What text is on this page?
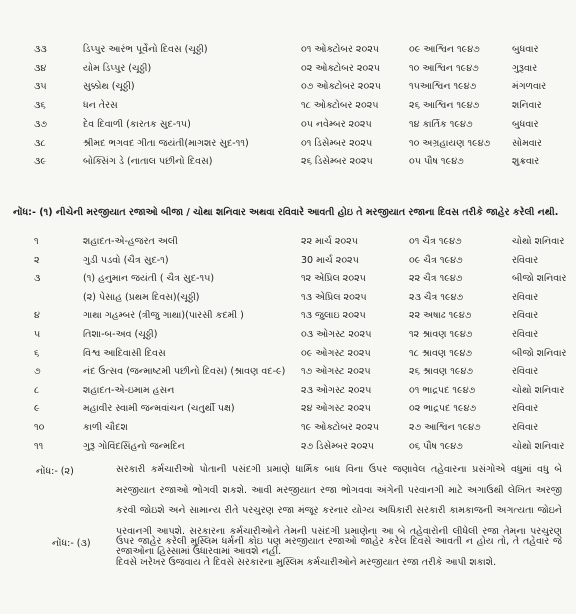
૩૩	ડિપ્પુર આરંભ પૂર્વેનો દિવસ (ચૂઠ્ઠી)	૦૧ ઓક્ટોબર ૨૦૨૫	૦૯ આશ્વિન ૧૯૪૭	બુધવાર
૩૪	યોમ ડિપ્પુર (ચૂઠ્ઠી)	૦૨ ઓક્ટોબર ૨૦૨૫	૧૦ આશ્વિન ૧૯૪૭	ગુરૂવાર
૩૫	સુક્કોથ (ચૂઠ્ઠી)	૦૭ ઓક્ટોબર ૨૦૨૫	૧૫આશ્વિન ૧૯૪૭	મંગળવાર
૩૬	ધન તેરસ	૧૮ ઓક્ટોબર ૨૦૨૫	૨૬ આશ્વિન ૧૯૪૭	શનિવાર
૩૭	દેવ દિવાળી (કારતક સુદ-૧૫)	૦૫ નવેમ્બર ૨૦૨૫	૧૪ કાર્તિક ૧૯૪૭	બુધવાર
૩૮	શ્રીમદ ભગવદ ગીતા જયંતી(માગશર સુદ-૧૧)	૦૧ ડિસેમ્બર ૨૦૨૫	૧૦ અગ્રહાયણ ૧૯૪૭	સોમવાર
૩૯	બોક્સિંગ ડે (નાતાલ પછીનો દિવસ)	૨૬ ડિસેમ્બર ૨૦૨૫	૦૫ પૌષ ૧૯૪૭	શુક્રવાર
નોંધ:- (૧) નીચેની મરજીયાત રજાઓ બીજા / ચોથા શનિવાર અથવા રવિવારે આવતી હોઇ તે મરજીયાત રજાના દિવસ તરીકે જાહેર કરેલી નથી.
૧	શહાદત-એ-હજરત અલી	૨૨ માર્ચ ૨૦૨૫	૦૧ ચૈત્ર ૧૯૪૭	ચોથો શનિવાર
૨	ગુડી પડવો (ચૈત્ર સુદ-૧)	30 માર્ચ ૨૦૨૫	૦૯ ચૈત્ર ૧૯૪૭	રવિવાર
૩	(૧) હનુમાન જયંતી ( ચૈત્ર સુદ-૧૫)	૧૨ એપ્રિલ ૨૦૨૫	૨૨ ચૈત્ર ૧૯૪૭	બીજો શનિવાર
(૨) પેસાહ (પ્રથમ દિવસ)(ચૂઠ્ઠી)	૧૩ એપ્રિલ ૨૦૨૫	૨૩ ચૈત્ર ૧૯૪૭	રવિવાર
૪	ગાથા ગહમ્બર (ત્રીજુ ગાથા)(પારસી કદમી )	૧૩ જુલાઇ ૨૦૨૫	૨૨ અષાઢ ૧૯૪૭	રવિવાર
૫	તિશા-બ-અવ (ચૂઠ્ઠી)	૦૩ ઓગસ્ટ ૨૦૨૫	૧૨ શ્રાવણ ૧૯૪૭	રવિવાર
૬	વિશ્વ આદિવાસી દિવસ	૦૯ ઓગસ્ટ ૨૦૨૫	૧૮ શ્રાવણ ૧૯૪૭	બીજો શનિવાર
૭	નંદ ઉત્સવ (જન્માષ્ટમી પછીનો દિવસ) (શ્રાવણ વદ-૯)	૧૭ ઓગસ્ટ ૨૦૨૫	૨૬ શ્રાવણ ૧૯૪૭	રવિવાર
૮	શહાદત-એ-ઇમામ હસન	૨૩ ઓગસ્ટ ૨૦૨૫	૦૧ ભાદ્રપદ ૧૯૪૭	ચોથો શનિવાર
૯	મહાવીર સ્વામી જન્મવાંચન (ચતુર્થી પક્ષ)	૨૪ ઓગસ્ટ ૨૦૨૫	૦૨ ભાદ્રપદ ૧૯૪૭	રવિવાર
૧૦	કાળી ચૌદશ	૧૯ ઓક્ટોબર ૨૦૨૫	૨૭ આશ્વિન ૧૯૪૭	રવિવાર
૧૧	ગુરૂ ગોવિંદસિંહનો જન્મદિન	૨૭ ડિસેમ્બર ૨૦૨૫	૦૬ પૌષ ૧૯૪૭	ચોથો શનિવાર
નોંધ:- (૨)	સરકારી કર્મચારીઓ પોતાની પસંદગી પ્રમાણે ધાર્મિક બાધ વિના ઉપર જણાવેલ તહેવારના પ્રસંગોએ વધુમાં વધુ બે મરજીયાત રજાઓ ભોગવી શકશે. આવી મરજીયાત રજા ભોગવવા અંગેની પરવાનગી માટે અગાઉથી લેખિત અરજી કરવી જોઇશે અને સામાન્ય રીતે પરચુરણ રજા મંજૂર કરનાર યોગ્ય અધિકારી સરકારી કામકાજની અગત્યતા જોઇને પરવાનગી આપશે. સરકારના કર્મચારીઓને તેમની પસંદગી પ્રમાણેના આ બે તહેવારોની લીધેલી રજા તેમના પરચુરણ રજાઓના હિસ્સામાં ઉધારવામાં આવશે નહીં.
નોંધ:- (૩)	ઉપર જાહેર કરેલી મુસ્લિમ ધર્મની કોઇ પણ મરજીયાત રજાઓ જાહેર કરેલ દિવસે આવતી ન હોય તો, તે તહેવાર જે દિવસે ખરેખર ઉજવાય તે દિવસે સરકારના મુસ્લિમ કર્મચારીઓને મરજીયાત રજા તરીકે આપી શકાશે.
